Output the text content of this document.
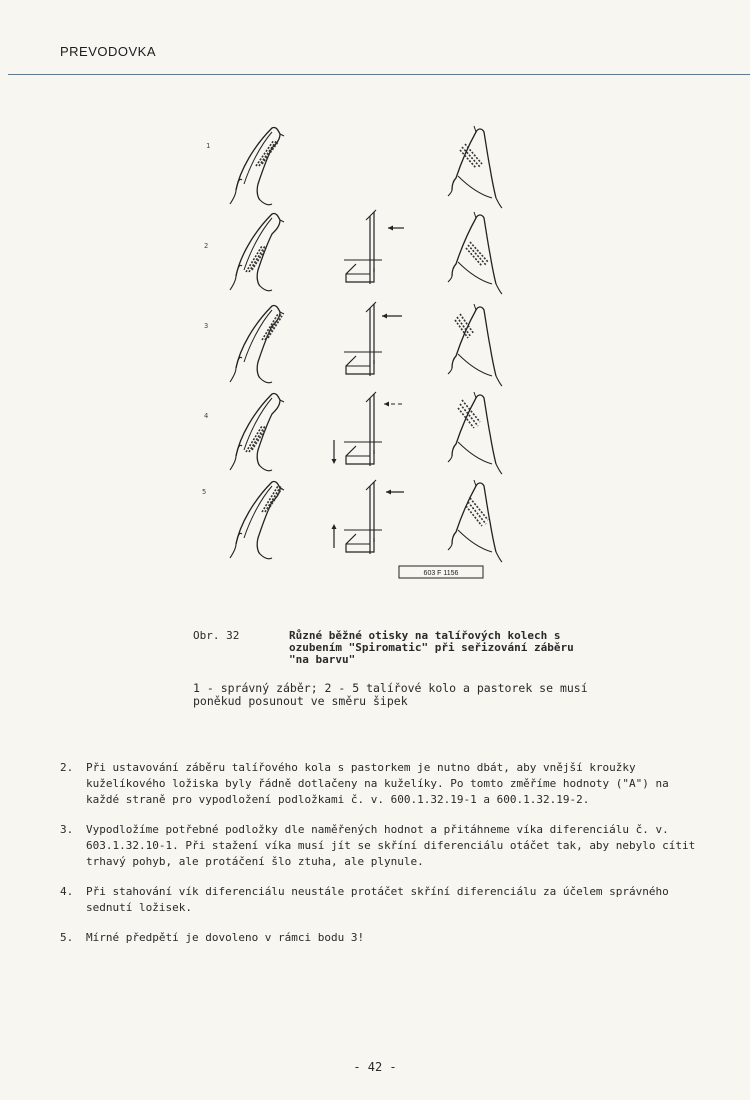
PREVODOVKA
1
2
3
4
5
603 F 1156
Obr. 32	Různé běžné otisky na talířových kolech s ozubením "Spiromatic" při seřizování záběru "na barvu"
1 - správný záběr; 2 - 5 talířové kolo a pastorek se musí poněkud posunout ve směru šipek
2. Při ustavování záběru talířového kola s pastorkem je nutno dbát, aby vnější kroužky kuželíkového ložiska byly řádně dotlačeny na kuželíky. Po tomto změříme hodnoty ("A") na každé straně pro vypodložení podložkami č. v. 600.1.32.19-1 a 600.1.32.19-2.
3. Vypodložíme potřebné podložky dle naměřených hodnot a přitáhneme víka diferenciálu č. v. 603.1.32.10-1. Při stažení víka musí jít se skříní diferenciálu otáčet tak, aby nebylo cítit trhavý pohyb, ale protáčení šlo ztuha, ale plynule.
4. Při stahování vík diferenciálu neustále protáčet skříní diferenciálu za účelem správného sednutí ložisek.
5. Mírné předpětí je dovoleno v rámci bodu 3!
- 42 -
